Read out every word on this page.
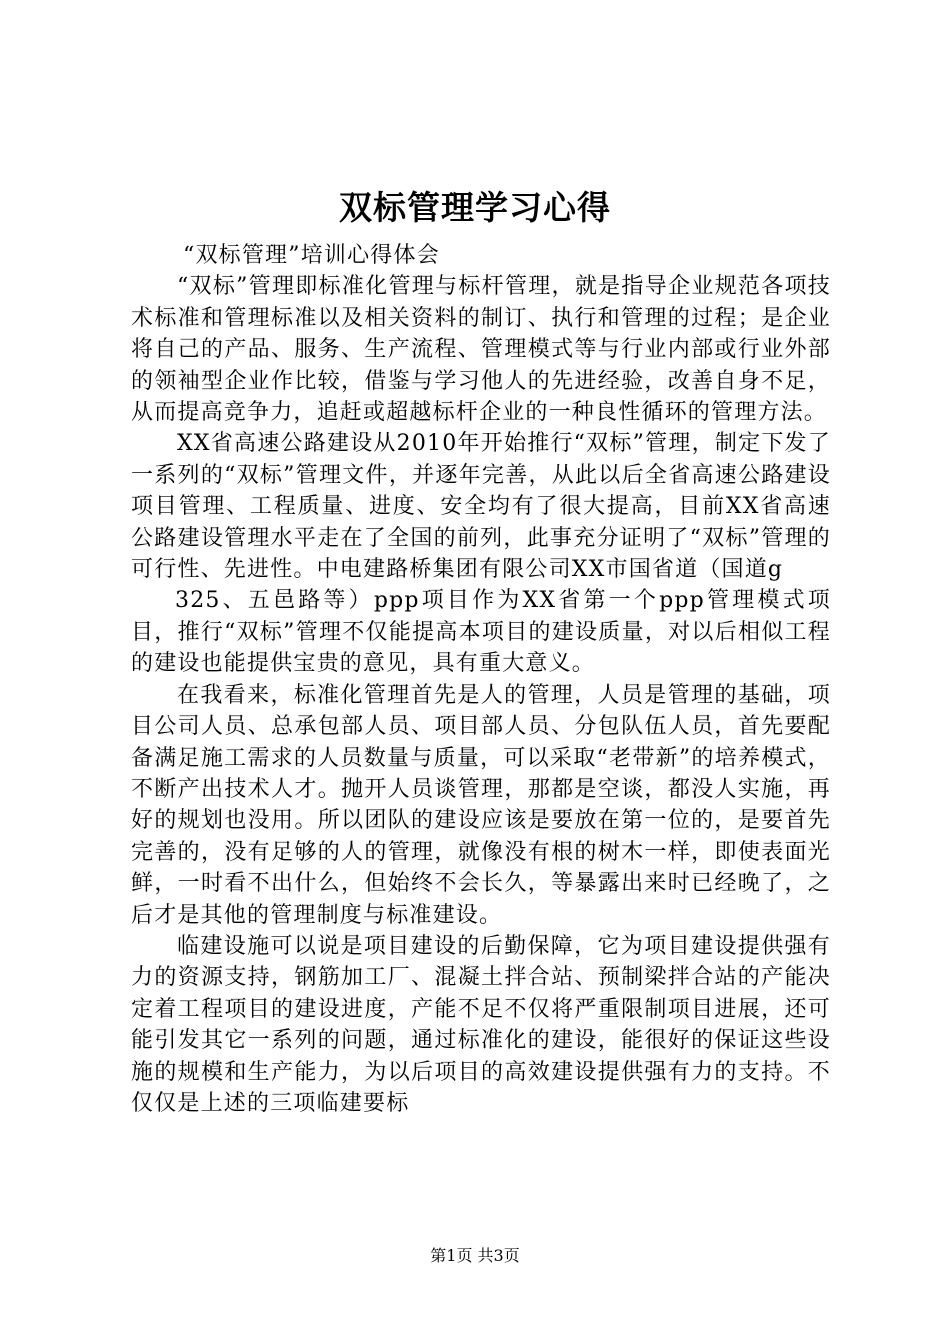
双标管理学习心得

“双标管理”培训心得体会

“双标”管理即标准化管理与标杆管理，就是指导企业规范各项技术标准和管理标准以及相关资料的制订、执行和管理的过程；是企业将自己的产品、服务、生产流程、管理模式等与行业内部或行业外部的领袖型企业作比较，借鉴与学习他人的先进经验，改善自身不足，从而提高竞争力，追赶或超越标杆企业的一种良性循环的管理方法。

XX省高速公路建设从2010年开始推行“双标”管理，制定下发了一系列的“双标”管理文件，并逐年完善，从此以后全省高速公路建设项目管理、工程质量、进度、安全均有了很大提高，目前XX省高速公路建设管理水平走在了全国的前列，此事充分证明了“双标”管理的可行性、先进性。中电建路桥集团有限公司XX市国省道（国道g

325、五邑路等）ppp项目作为XX省第一个ppp管理模式项目，推行“双标”管理不仅能提高本项目的建设质量，对以后相似工程的建设也能提供宝贵的意见，具有重大意义。

在我看来，标准化管理首先是人的管理，人员是管理的基础，项目公司人员、总承包部人员、项目部人员、分包队伍人员，首先要配备满足施工需求的人员数量与质量，可以采取“老带新”的培养模式，不断产出技术人才。抛开人员谈管理，那都是空谈，都没人实施，再好的规划也没用。所以团队的建设应该是要放在第一位的，是要首先完善的，没有足够的人的管理，就像没有根的树木一样，即使表面光鲜，一时看不出什么，但始终不会长久，等暴露出来时已经晚了，之后才是其他的管理制度与标准建设。

临建设施可以说是项目建设的后勤保障，它为项目建设提供强有力的资源支持，钢筋加工厂、混凝土拌合站、预制梁拌合站的产能决定着工程项目的建设进度，产能不足不仅将严重限制项目进展，还可能引发其它一系列的问题，通过标准化的建设，能很好的保证这些设施的规模和生产能力，为以后项目的高效建设提供强有力的支持。不仅仅是上述的三项临建要标

第1页 共3页
